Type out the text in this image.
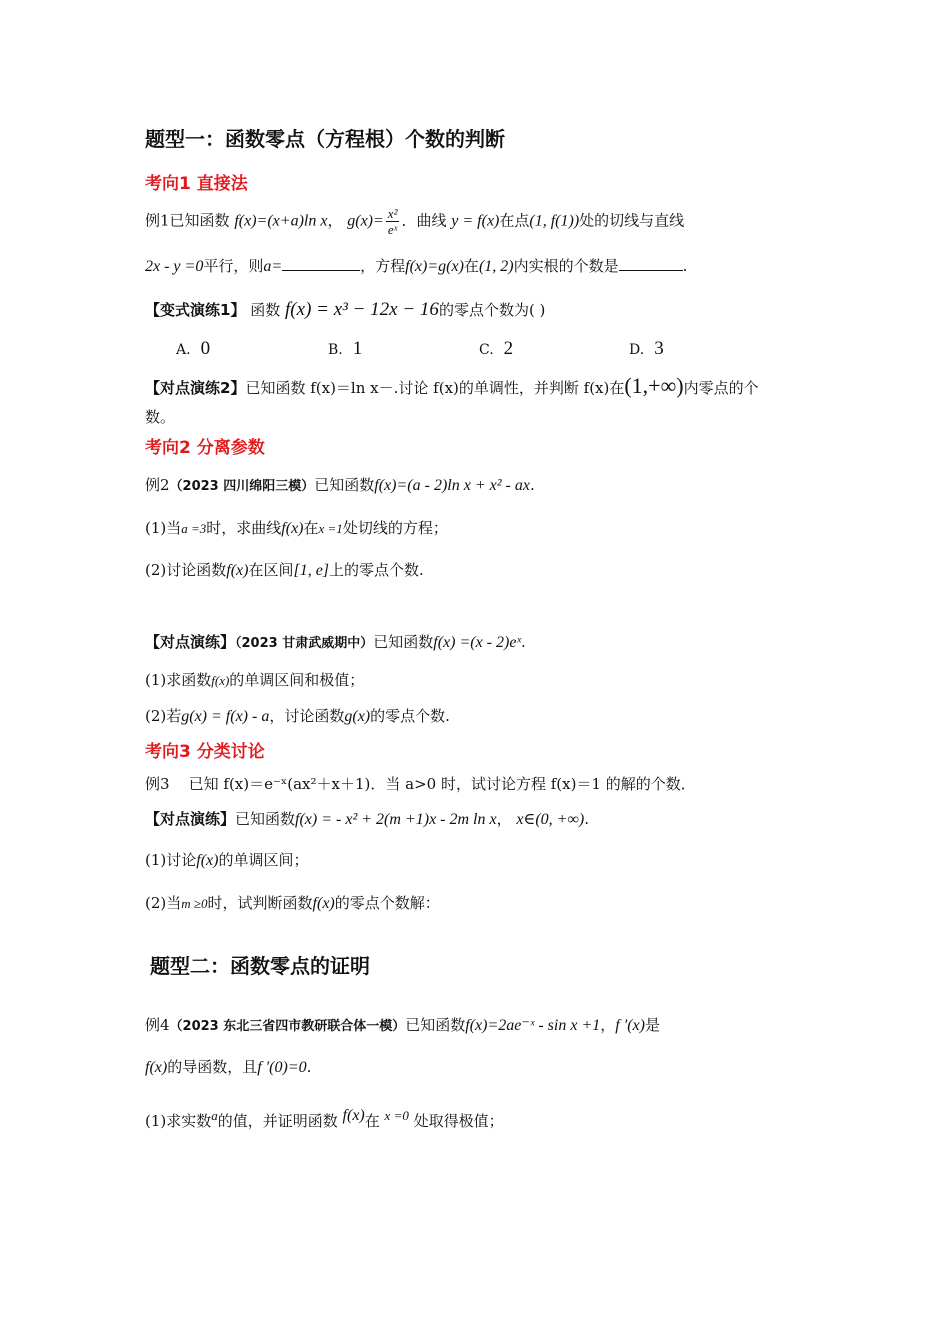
题型一：函数零点（方程根）个数的判断
考向1 直接法
例1已知函数 f(x)=(x+a)ln x， $g(x)= \frac{\text{x²}}{\text{eˣ}}$ ．曲线 y = f(x)在点(1, f(1))处的切线与直线
2x - y =0平行，则a=	，方程f(x)=g(x)在(1, 2)内实根的个数是	.
【变式演练1】 函数 f(x) = x³ − 12x − 16的零点个数为( )
A. 0	B. 1	C. 2	D. 3
【对点演练2】已知函数 f(x)＝ln x－.讨论 f(x)的单调性，并判断 f(x)在(1,+∞)内零点的个
数。
考向2 分离参数
例2（2023 四川绵阳三模）已知函数f(x)=(a - 2)ln x + x² - ax.
(1)当a =3时，求曲线f(x)在x =1处切线的方程；
(2)讨论函数f(x)在区间[1, e]上的零点个数.
【对点演练】（2023 甘肃武威期中）已知函数f(x) =(x - 2)eˣ.
(1)求函数f(x)的单调区间和极值；
(2)若g(x) = f(x) - a，讨论函数g(x)的零点个数.
考向3 分类讨论
例3 已知 f(x)＝e⁻ˣ(ax²＋x＋1)．当 a>0 时，试讨论方程 f(x)＝1 的解的个数．
【对点演练】已知函数f(x) = - x² + 2(m +1)x - 2m ln x， x∈(0, +∞).
(1)讨论f(x)的单调区间；
(2)当m ≥0时，试判断函数f(x)的零点个数解：
题型二：函数零点的证明
例4（2023 东北三省四市教研联合体一模）已知函数f(x)=2ae⁻ˣ - sin x +1，f ′(x)是
f(x)的导函数，且f ′(0)=0.
(1)求实数a的值，并证明函数 f(x)在 x =0 处取得极值；
